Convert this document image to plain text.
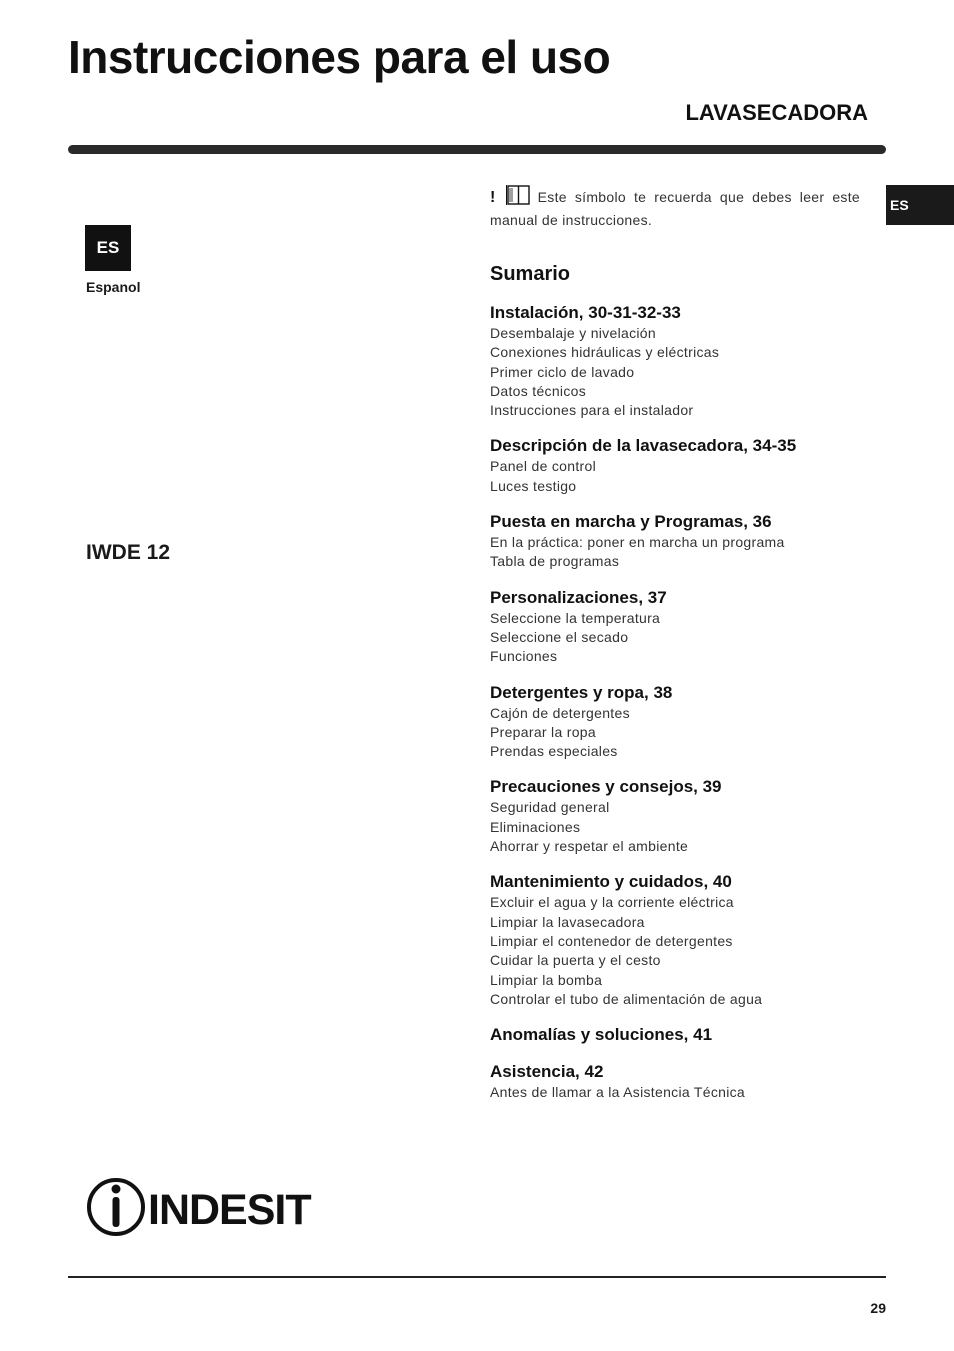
Instrucciones para el uso
LAVASECADORA
ES
ES
Espanol
IWDE 12

!	Este símbolo te recuerda que debes leer este manual de instrucciones.

Sumario
Instalación, 30-31-32-33
Desembalaje y nivelación
Conexiones hidráulicas y eléctricas
Primer ciclo de lavado
Datos técnicos
Instrucciones para el instalador
Descripción de la lavasecadora, 34-35
Panel de control
Luces testigo
Puesta en marcha y Programas, 36
En la práctica: poner en marcha un programa
Tabla de programas
Personalizaciones, 37
Seleccione la temperatura
Seleccione el secado
Funciones
Detergentes y ropa, 38
Cajón de detergentes
Preparar la ropa
Prendas especiales
Precauciones y consejos, 39
Seguridad general
Eliminaciones
Ahorrar y respetar el ambiente
Mantenimiento y cuidados, 40
Excluir el agua y la corriente eléctrica
Limpiar la lavasecadora
Limpiar el contenedor de detergentes
Cuidar la puerta y el cesto
Limpiar la bomba
Controlar el tubo de alimentación de agua
Anomalías y soluciones, 41
Asistencia, 42
Antes de llamar a la Asistencia Técnica
INDESIT
29
